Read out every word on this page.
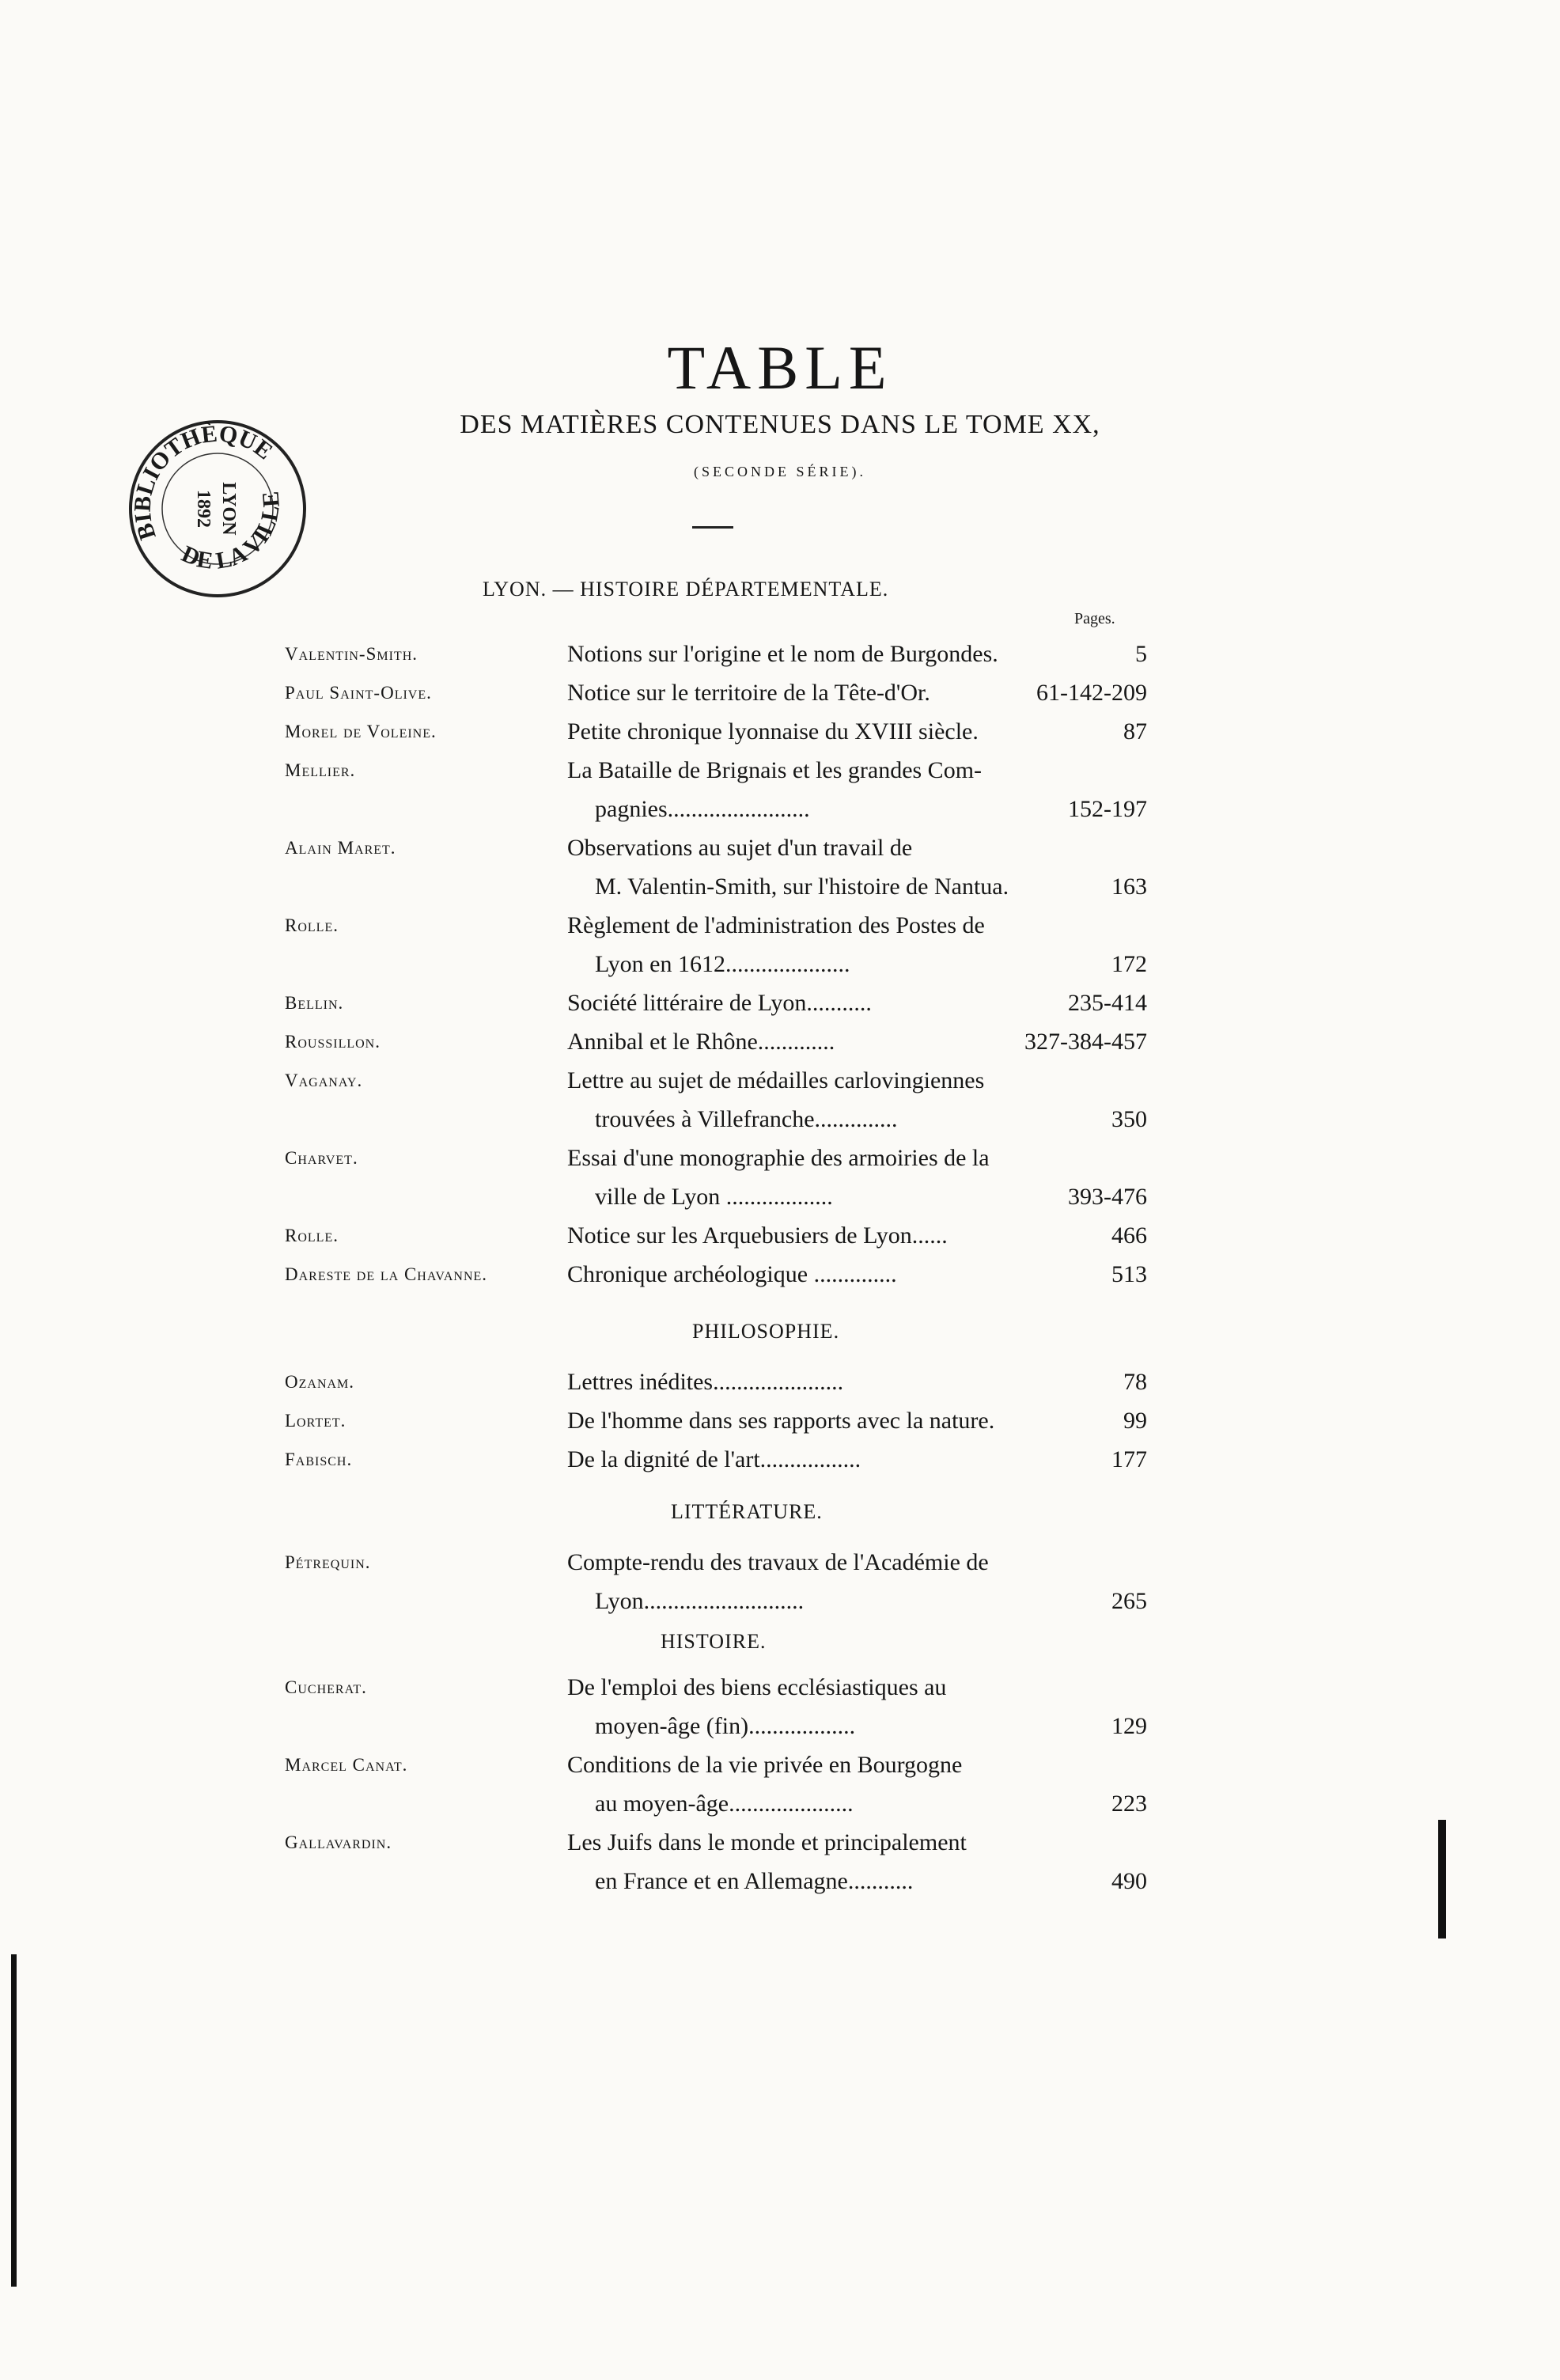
TABLE
DES MATIÈRES CONTENUES DANS LE TOME XX,
(SECONDE SÉRIE).
BIBLIOTHÈQUE
DE LA VILLE
LYON
1892
LYON. — HISTOIRE DÉPARTEMENTALE.
Pages.
PHILOSOPHIE.
LITTÉRATURE.
HISTOIRE.
Valentin-Smith.	Notions sur l'origine et le nom de Burgondes.	5
Paul Saint-Olive.	Notice sur le territoire de la Tête-d'Or.	61-142-209
Morel de Voleine.	Petite chronique lyonnaise du XVIII siècle.	87
Mellier.	La Bataille de Brignais et les grandes Com-
pagnies........................	152-197
Alain Maret.	Observations au sujet d'un travail de
M. Valentin-Smith, sur l'histoire de Nantua.	163
Rolle.	Règlement de l'administration des Postes de
Lyon en 1612.....................	172
Bellin.	Société littéraire de Lyon...........	235-414
Roussillon.	Annibal et le Rhône.............	327-384-457
Vaganay.	Lettre au sujet de médailles carlovingiennes
trouvées à Villefranche..............	350
Charvet.	Essai d'une monographie des armoiries de la
ville de Lyon ..................	393-476
Rolle.	Notice sur les Arquebusiers de Lyon......	466
Dareste de la Chavanne.	Chronique archéologique ..............	513
Ozanam.	Lettres inédites......................	78
Lortet.	De l'homme dans ses rapports avec la nature.	99
Fabisch.	De la dignité de l'art.................	177
Pétrequin.	Compte-rendu des travaux de l'Académie de
Lyon...........................	265
Cucherat.	De l'emploi des biens ecclésiastiques au
moyen-âge (fin)..................	129
Marcel Canat.	Conditions de la vie privée en Bourgogne
au moyen-âge.....................	223
Gallavardin.	Les Juifs dans le monde et principalement
en France et en Allemagne...........	490
